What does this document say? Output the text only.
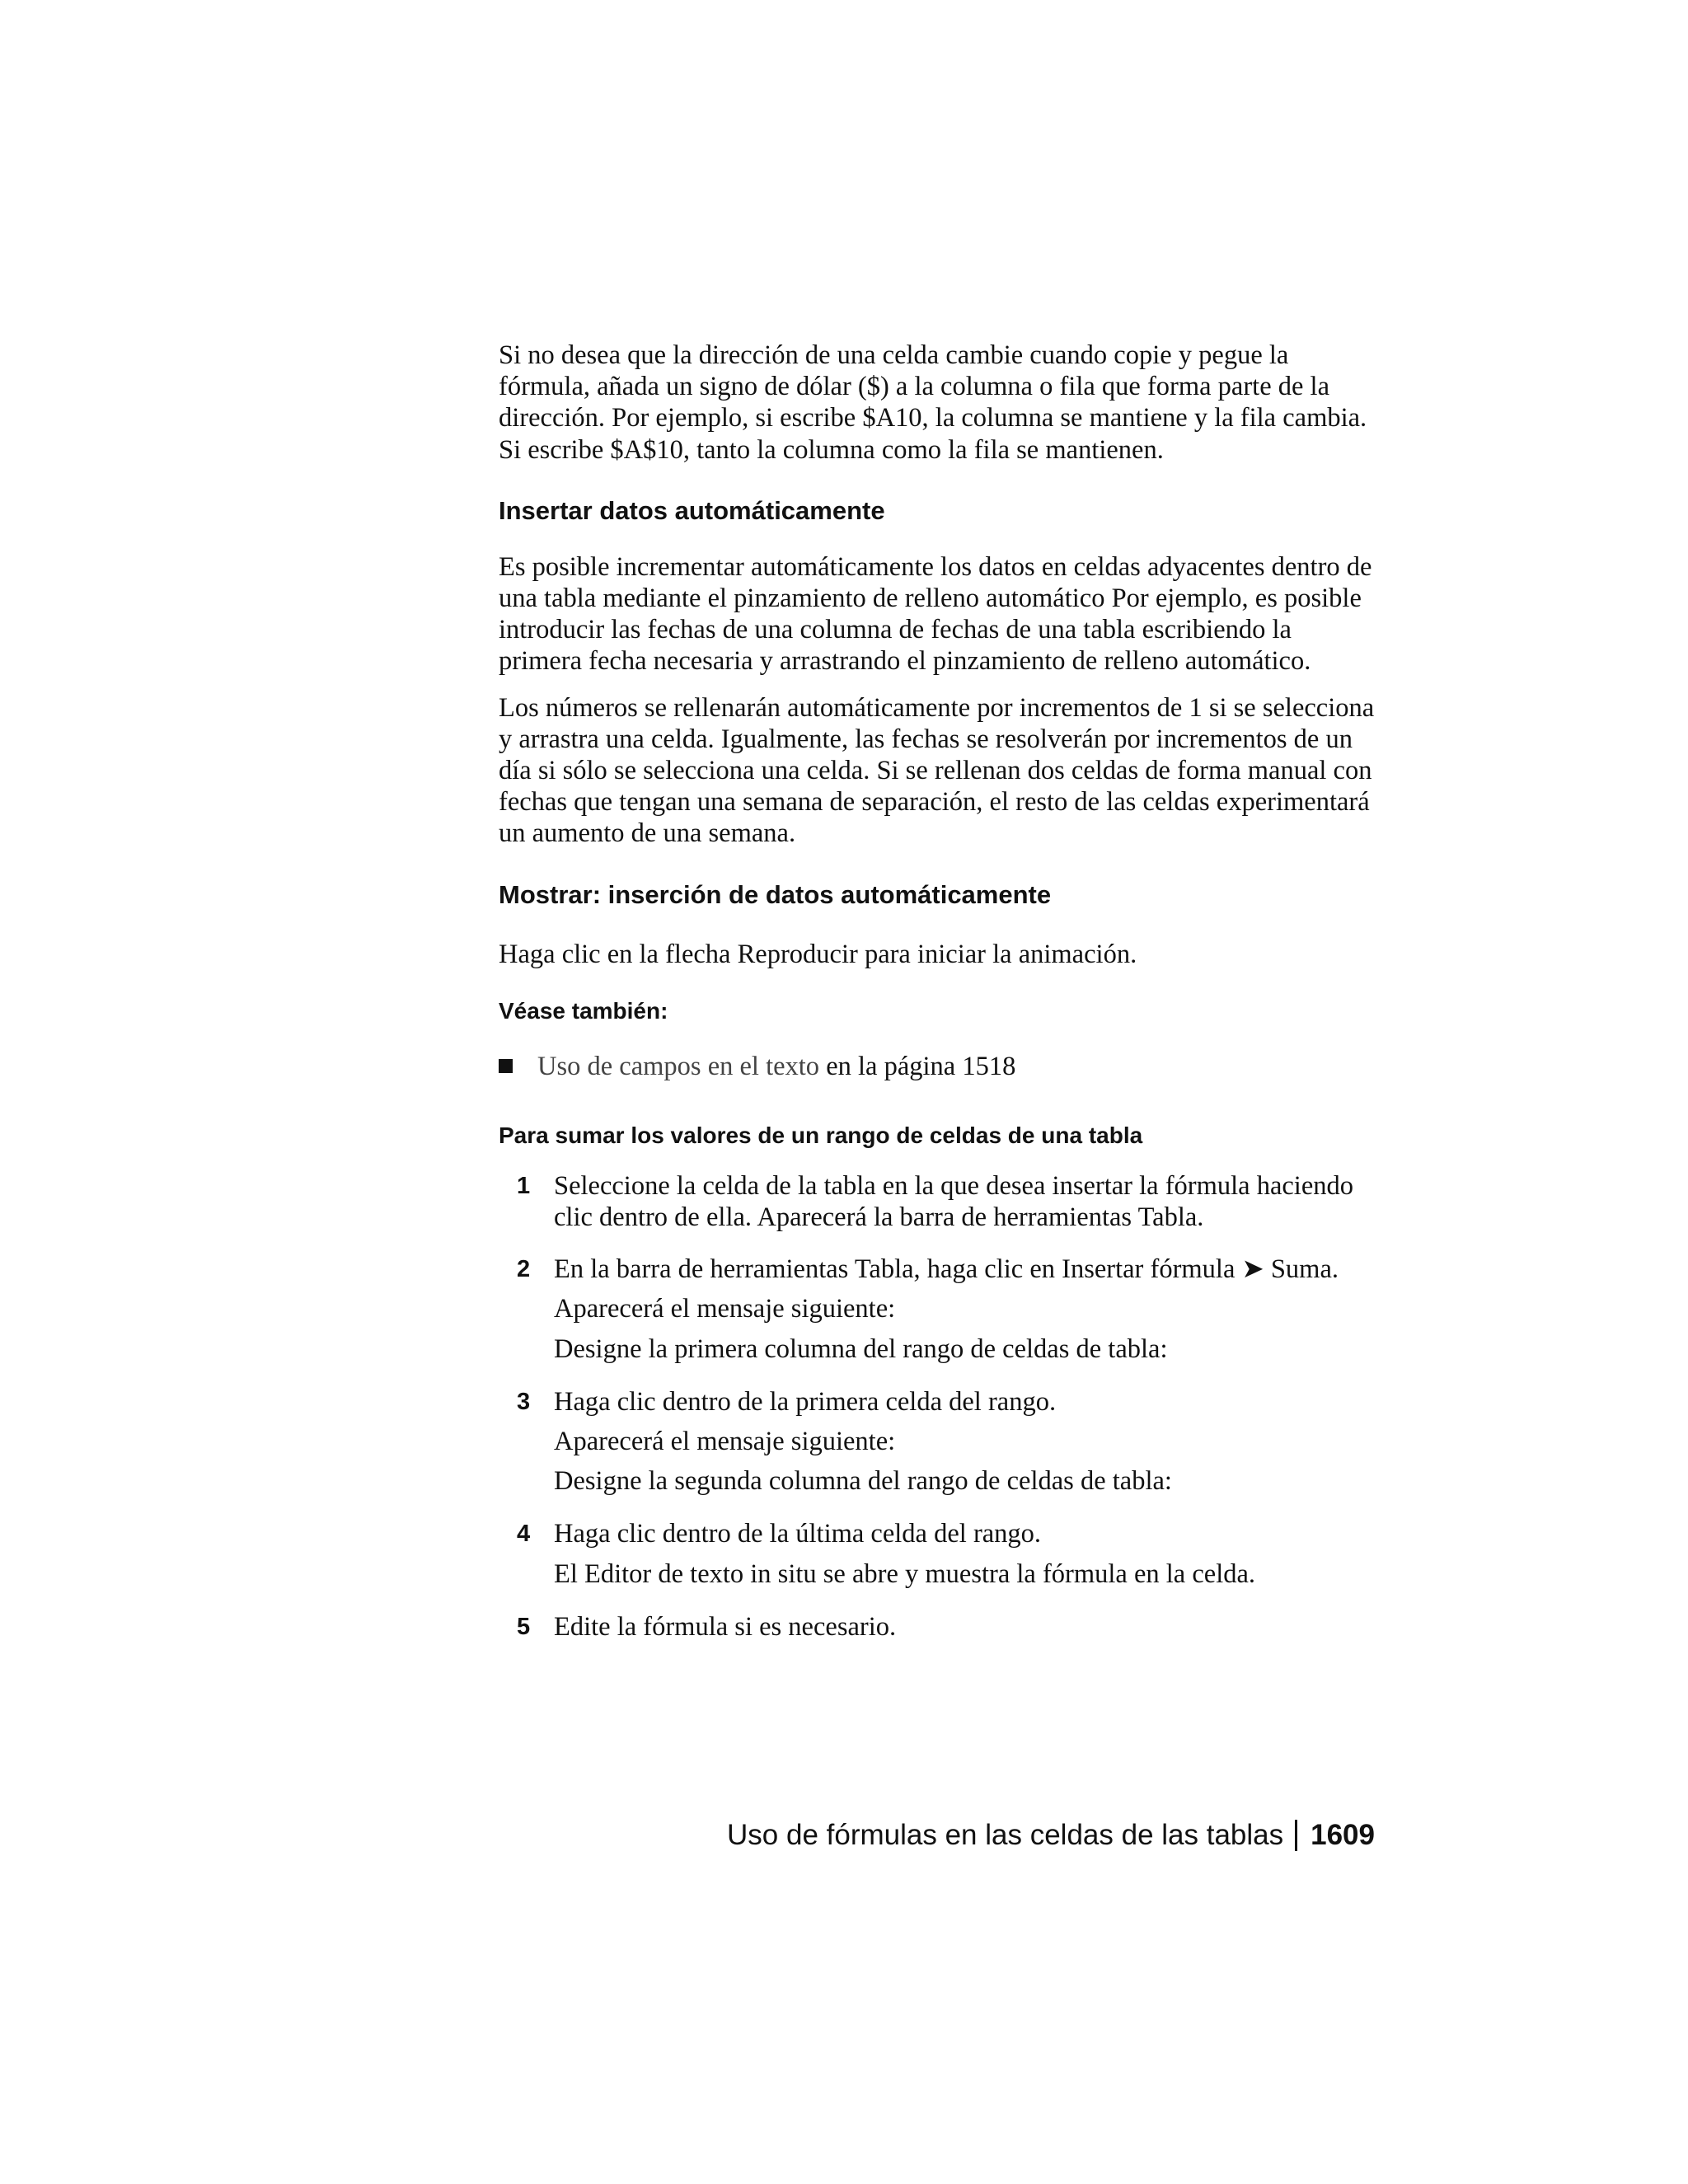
Si no desea que la dirección de una celda cambie cuando copie y pegue la fórmula, añada un signo de dólar ($) a la columna o fila que forma parte de la dirección. Por ejemplo, si escribe $A10, la columna se mantiene y la fila cambia. Si escribe $A$10, tanto la columna como la fila se mantienen.

Insertar datos automáticamente

Es posible incrementar automáticamente los datos en celdas adyacentes dentro de una tabla mediante el pinzamiento de relleno automático Por ejemplo, es posible introducir las fechas de una columna de fechas de una tabla escribiendo la primera fecha necesaria y arrastrando el pinzamiento de relleno automático.

Los números se rellenarán automáticamente por incrementos de 1 si se selecciona y arrastra una celda. Igualmente, las fechas se resolverán por incrementos de un día si sólo se selecciona una celda. Si se rellenan dos celdas de forma manual con fechas que tengan una semana de separación, el resto de las celdas experimentará un aumento de una semana.

Mostrar: inserción de datos automáticamente

Haga clic en la flecha Reproducir para iniciar la animación.

Véase también:
Uso de campos en el texto en la página 1518
Para sumar los valores de un rango de celdas de una tabla
1 Seleccione la celda de la tabla en la que desea insertar la fórmula haciendo clic dentro de ella. Aparecerá la barra de herramientas Tabla.

2 En la barra de herramientas Tabla, haga clic en Insertar fórmula ➤ Suma.

Aparecerá el mensaje siguiente:

Designe la primera columna del rango de celdas de tabla:

3 Haga clic dentro de la primera celda del rango.

Aparecerá el mensaje siguiente:

Designe la segunda columna del rango de celdas de tabla:

4 Haga clic dentro de la última celda del rango.

El Editor de texto in situ se abre y muestra la fórmula en la celda.

5 Edite la fórmula si es necesario.

Uso de fórmulas en las celdas de las tablas 1609
